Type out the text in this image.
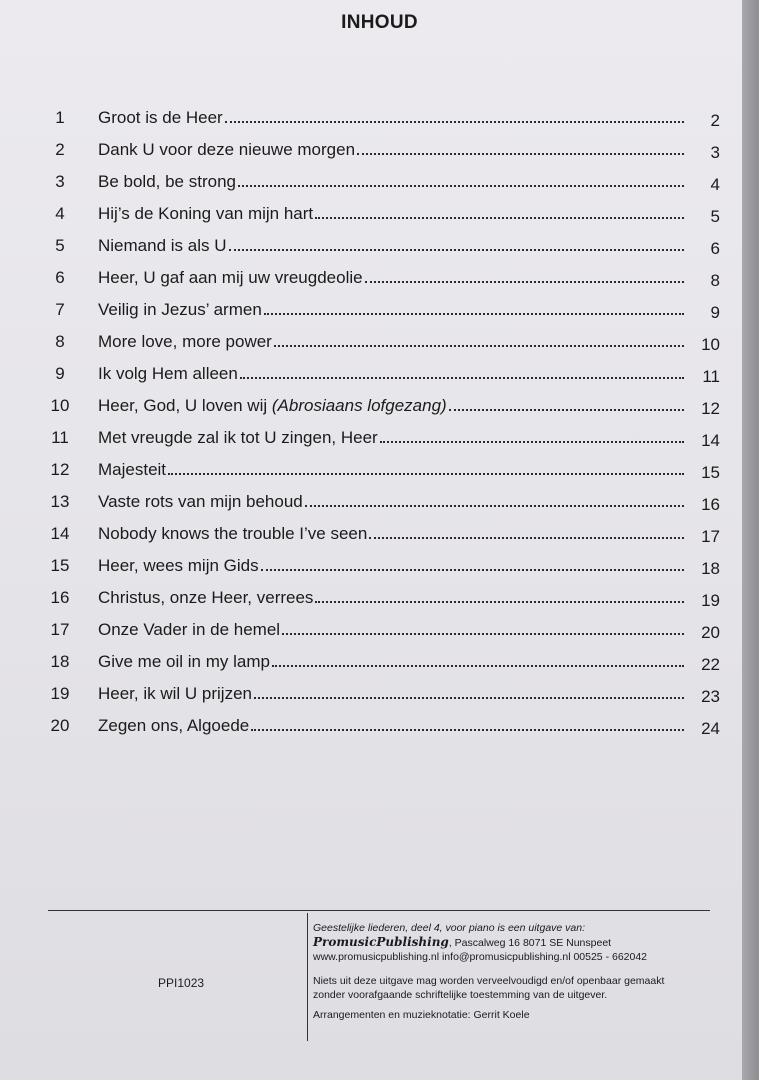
INHOUD
1	Groot is de Heer	2
2	Dank U voor deze nieuwe morgen	3
3	Be bold, be strong	4
4	Hij’s de Koning van mijn hart	5
5	Niemand is als U	6
6	Heer, U gaf aan mij uw vreugdeolie	8
7	Veilig in Jezus’ armen	9
8	More love, more power	10
9	Ik volg Hem alleen	11
10	Heer, God, U loven wij (Abrosiaans lofgezang)	12
11	Met vreugde zal ik tot U zingen, Heer	14
12	Majesteit	15
13	Vaste rots van mijn behoud	16
14	Nobody knows the trouble I’ve seen	17
15	Heer, wees mijn Gids	18
16	Christus, onze Heer, verrees	19
17	Onze Vader in de hemel	20
18	Give me oil in my lamp	22
19	Heer, ik wil U prijzen	23
20	Zegen ons, Algoede	24
PPI1023

Geestelijke liederen, deel 4, voor piano is een uitgave van:

PromusicPublishing, Pascalweg 16 8071 SE Nunspeet

www.promusicpublishing.nl info@promusicpublishing.nl 00525 - 662042

Niets uit deze uitgave mag worden verveelvoudigd en/of openbaar gemaakt

zonder voorafgaande schriftelijke toestemming van de uitgever.

Arrangementen en muzieknotatie: Gerrit Koele
